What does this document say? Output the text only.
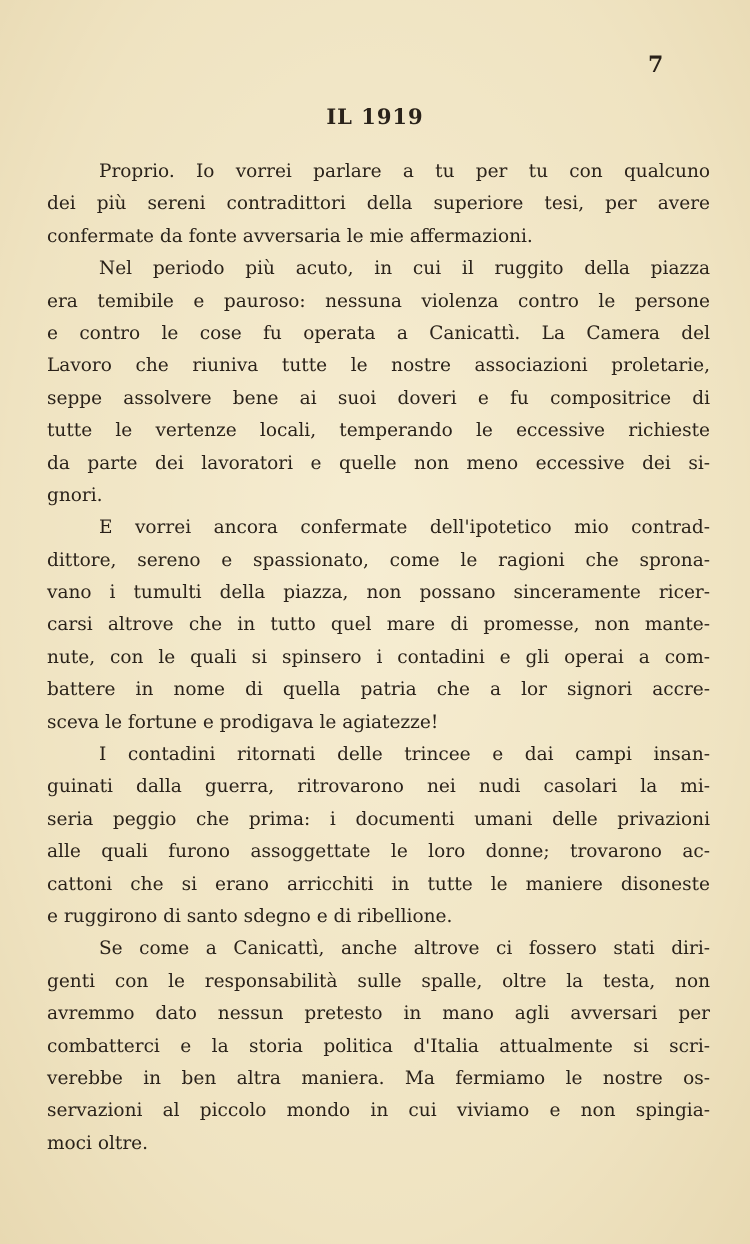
7
IL 1919
Proprio. Io vorrei parlare a tu per tu con qualcuno
dei più sereni contradittori della superiore tesi, per avere
confermate da fonte avversaria le mie affermazioni.
Nel periodo più acuto, in cui il ruggito della piazza
era temibile e pauroso: nessuna violenza contro le persone
e contro le cose fu operata a Canicattì. La Camera del
Lavoro che riuniva tutte le nostre associazioni proletarie,
seppe assolvere bene ai suoi doveri e fu compositrice di
tutte le vertenze locali, temperando le eccessive richieste
da parte dei lavoratori e quelle non meno eccessive dei si-
gnori.
E vorrei ancora confermate dell'ipotetico mio contrad-
dittore, sereno e spassionato, come le ragioni che sprona-
vano i tumulti della piazza, non possano sinceramente ricer-
carsi altrove che in tutto quel mare di promesse, non mante-
nute, con le quali si spinsero i contadini e gli operai a com-
battere in nome di quella patria che a lor signori accre-
sceva le fortune e prodigava le agiatezze!
I contadini ritornati delle trincee e dai campi insan-
guinati dalla guerra, ritrovarono nei nudi casolari la mi-
seria peggio che prima: i documenti umani delle privazioni
alle quali furono assoggettate le loro donne; trovarono ac-
cattoni che si erano arricchiti in tutte le maniere disoneste
e ruggirono di santo sdegno e di ribellione.
Se come a Canicattì, anche altrove ci fossero stati diri-
genti con le responsabilità sulle spalle, oltre la testa, non
avremmo dato nessun pretesto in mano agli avversari per
combatterci e la storia politica d'Italia attualmente si scri-
verebbe in ben altra maniera. Ma fermiamo le nostre os-
servazioni al piccolo mondo in cui viviamo e non spingia-
moci oltre.
